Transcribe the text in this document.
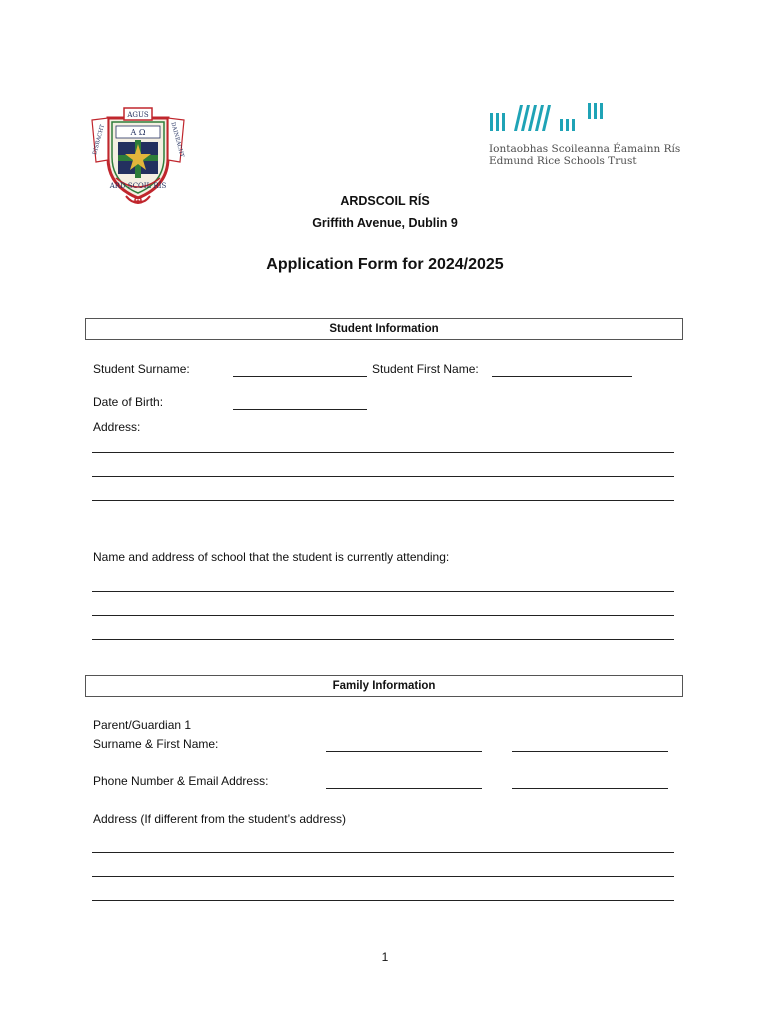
AGUS
DISBACHT	DAINEACHT
Α Ω
ARD SCOIL RÍS
Iontaobhas Scoileanna Éamainn Rís
Edmund Rice Schools Trust
ARDSCOIL RÍS
Griffith Avenue, Dublin 9
Application Form for 2024/2025
Student Information
Student Surname:	Student First Name:
Date of Birth:
Address:
Name and address of school that the student is currently attending:
Family Information
Parent/Guardian 1
Surname & First Name:
Phone Number & Email Address:
Address (If different from the student’s address)
1
